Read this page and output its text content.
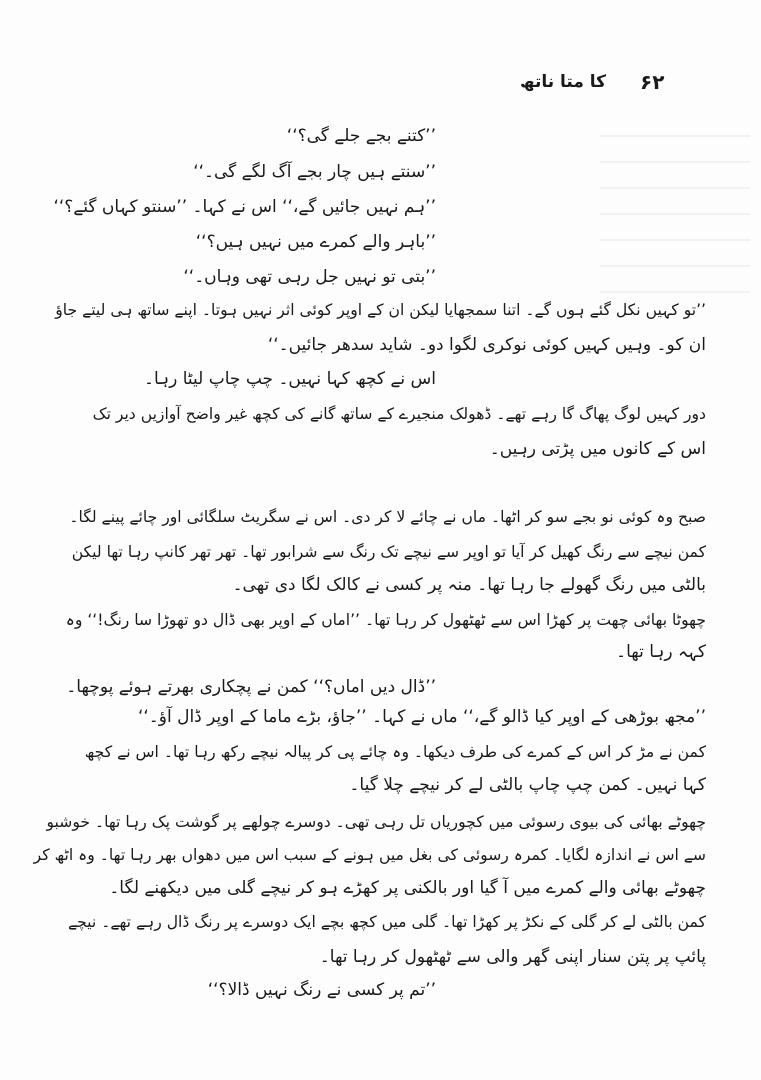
کا متا ناتھ ۶۲
’’کتنے بجے جلے گی؟‘‘
’’سنتے ہیں چار بجے آگ لگے گی۔‘‘
’’ہم نہیں جائیں گے،‘‘ اس نے کہا۔ ’’سنتو کہاں گئے؟‘‘
’’باہر والے کمرے میں نہیں ہیں؟‘‘
’’بتی تو نہیں جل رہی تھی وہاں۔‘‘
’’تو کہیں نکل گئے ہوں گے۔ اتنا سمجھایا لیکن ان کے اوپر کوئی اثر نہیں ہوتا۔ اپنے ساتھ ہی لیتے جاؤ
ان کو۔ وہیں کہیں کوئی نوکری لگوا دو۔ شاید سدھر جائیں۔‘‘
اس نے کچھ کہا نہیں۔ چپ چاپ لیٹا رہا۔
دور کہیں لوگ پھاگ گا رہے تھے۔ ڈھولک منجیرے کے ساتھ گانے کی کچھ غیر واضح آوازیں دیر تک
اس کے کانوں میں پڑتی رہیں۔
صبح وہ کوئی نو بجے سو کر اٹھا۔ ماں نے چائے لا کر دی۔ اس نے سگریٹ سلگائی اور چائے پینے لگا۔
کمن نیچے سے رنگ کھیل کر آیا تو اوپر سے نیچے تک رنگ سے شرابور تھا۔ تھر تھر کانپ رہا تھا لیکن
بالٹی میں رنگ گھولے جا رہا تھا۔ منہ پر کسی نے کالک لگا دی تھی۔
چھوٹا بھائی چھت پر کھڑا اس سے ٹھٹھول کر رہا تھا۔ ’’اماں کے اوپر بھی ڈال دو تھوڑا سا رنگ!‘‘ وہ
کہہ رہا تھا۔
’’ڈال دیں اماں؟‘‘ کمن نے پچکاری بھرتے ہوئے پوچھا۔
’’مجھ بوڑھی کے اوپر کیا ڈالو گے،‘‘ ماں نے کہا۔ ’’جاؤ، بڑے ماما کے اوپر ڈال آؤ۔‘‘
کمن نے مڑ کر اس کے کمرے کی طرف دیکھا۔ وہ چائے پی کر پیالہ نیچے رکھ رہا تھا۔ اس نے کچھ
کہا نہیں۔ کمن چپ چاپ بالٹی لے کر نیچے چلا گیا۔
چھوٹے بھائی کی بیوی رسوئی میں کچوریاں تل رہی تھی۔ دوسرے چولھے پر گوشت پک رہا تھا۔ خوشبو
سے اس نے اندازہ لگایا۔ کمرہ رسوئی کی بغل میں ہونے کے سبب اس میں دھواں بھر رہا تھا۔ وہ اٹھ کر
چھوٹے بھائی والے کمرے میں آ گیا اور بالکنی پر کھڑے ہو کر نیچے گلی میں دیکھنے لگا۔
کمن بالٹی لے کر گلی کے نکڑ پر کھڑا تھا۔ گلی میں کچھ بچے ایک دوسرے پر رنگ ڈال رہے تھے۔ نیچے
پائپ پر پتن سنار اپنی گھر والی سے ٹھٹھول کر رہا تھا۔
’’تم پر کسی نے رنگ نہیں ڈالا؟‘‘
